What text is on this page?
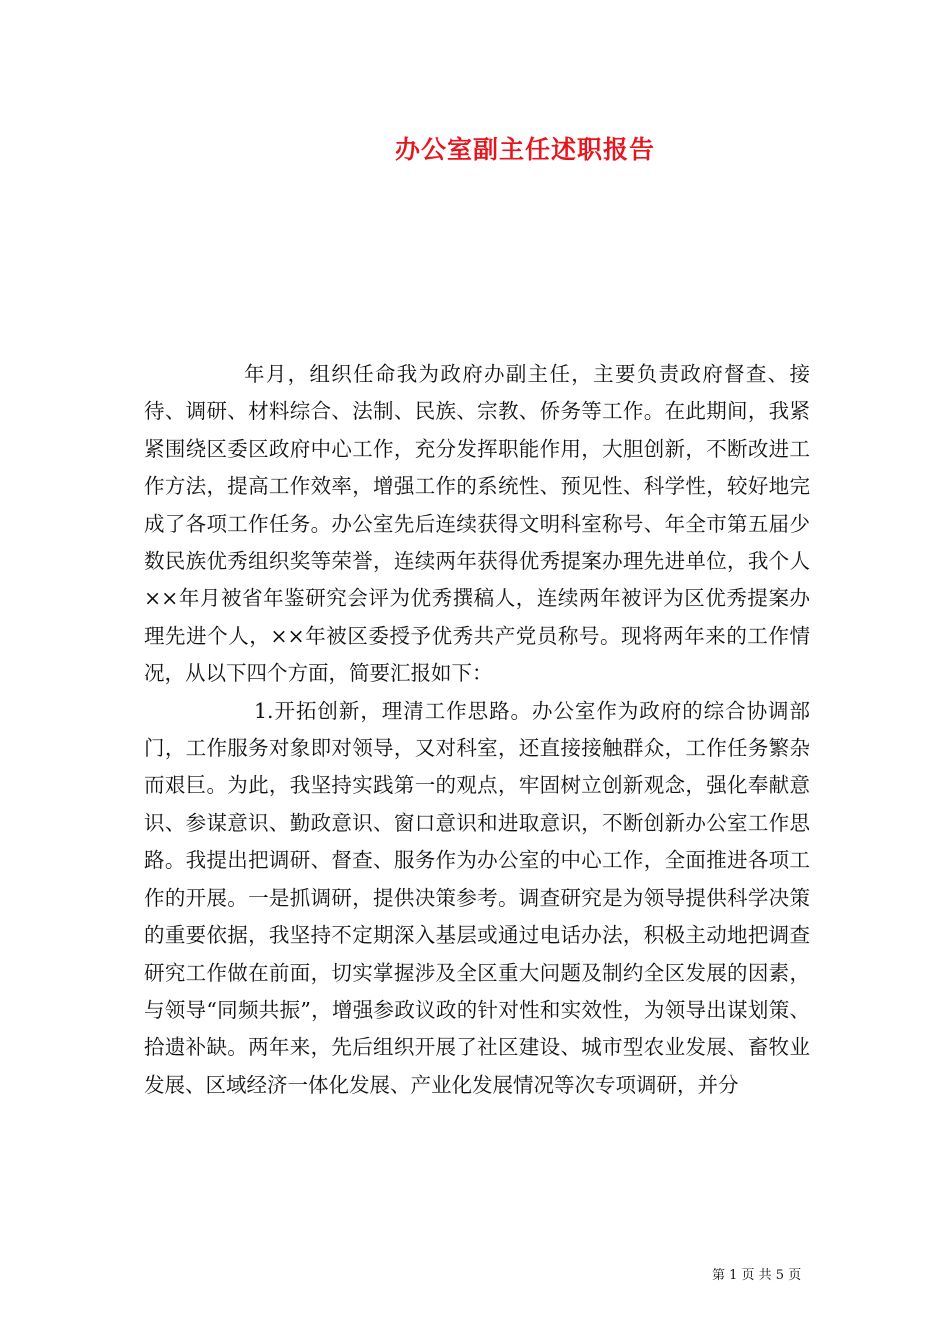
办公室副主任述职报告

年月，组织任命我为政府办副主任，主要负责政府督查、接待、调研、材料综合、法制、民族、宗教、侨务等工作。在此期间，我紧紧围绕区委区政府中心工作，充分发挥职能作用，大胆创新，不断改进工作方法，提高工作效率，增强工作的系统性、预见性、科学性，较好地完成了各项工作任务。办公室先后连续获得文明科室称号、年全市第五届少数民族优秀组织奖等荣誉，连续两年获得优秀提案办理先进单位，我个人××年月被省年鉴研究会评为优秀撰稿人，连续两年被评为区优秀提案办理先进个人，××年被区委授予优秀共产党员称号。现将两年来的工作情况，从以下四个方面，简要汇报如下：

1.开拓创新，理清工作思路。办公室作为政府的综合协调部门，工作服务对象即对领导，又对科室，还直接接触群众，工作任务繁杂而艰巨。为此，我坚持实践第一的观点，牢固树立创新观念，强化奉献意识、参谋意识、勤政意识、窗口意识和进取意识，不断创新办公室工作思路。我提出把调研、督查、服务作为办公室的中心工作，全面推进各项工作的开展。一是抓调研，提供决策参考。调查研究是为领导提供科学决策的重要依据，我坚持不定期深入基层或通过电话办法，积极主动地把调查研究工作做在前面，切实掌握涉及全区重大问题及制约全区发展的因素，与领导“同频共振”，增强参政议政的针对性和实效性，为领导出谋划策、拾遗补缺。两年来，先后组织开展了社区建设、城市型农业发展、畜牧业发展、区域经济一体化发展、产业化发展情况等次专项调研，并分

第 1 页 共 5 页
